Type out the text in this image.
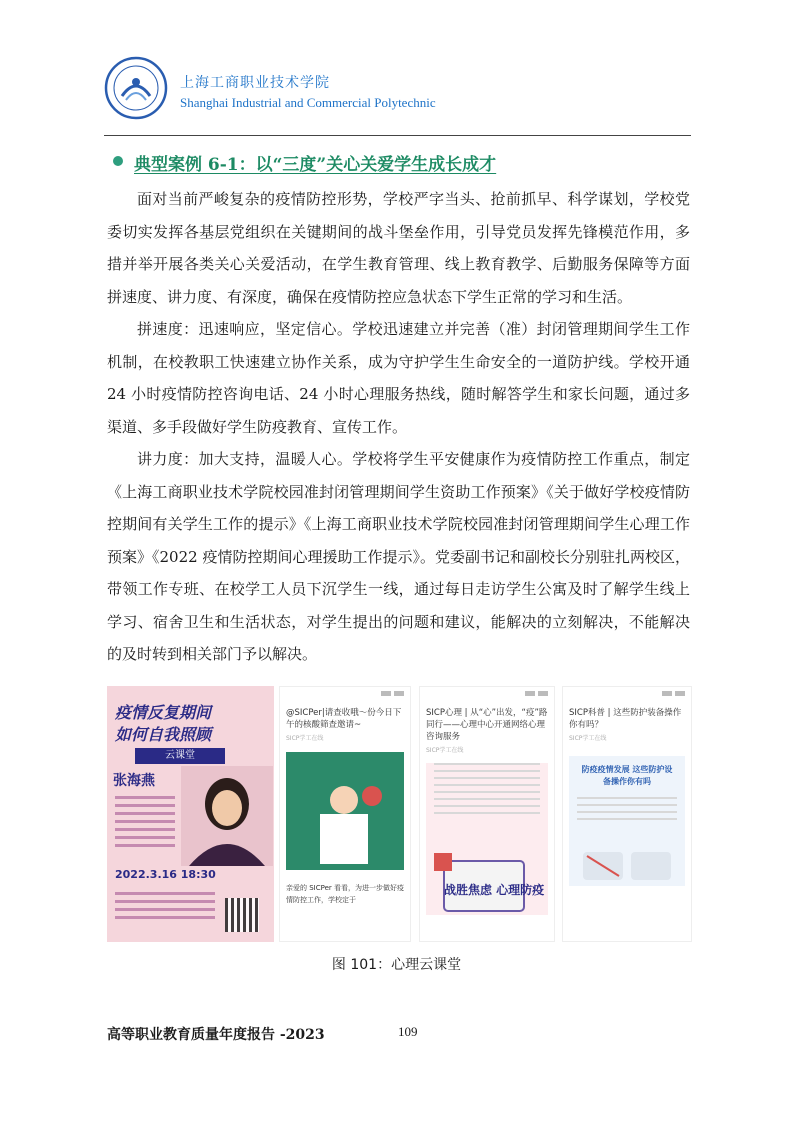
上海工商职业技术学院
Shanghai Industrial and Commercial Polytechnic
典型案例 6-1：以“三度”关心关爱学生成长成才

面对当前严峻复杂的疫情防控形势，学校严字当头、抢前抓早、科学谋划，学校党委切实发挥各基层党组织在关键期间的战斗堡垒作用，引导党员发挥先锋模范作用，多措并举开展各类关心关爱活动，在学生教育管理、线上教育教学、后勤服务保障等方面拼速度、讲力度、有深度，确保在疫情防控应急状态下学生正常的学习和生活。

拼速度：迅速响应，坚定信心。学校迅速建立并完善（准）封闭管理期间学生工作机制，在校教职工快速建立协作关系，成为守护学生生命安全的一道防护线。学校开通 24 小时疫情防控咨询电话、24 小时心理服务热线，随时解答学生和家长问题，通过多渠道、多手段做好学生防疫教育、宣传工作。

讲力度：加大支持，温暖人心。学校将学生平安健康作为疫情防控工作重点，制定《上海工商职业技术学院校园准封闭管理期间学生资助工作预案》《关于做好学校疫情防控期间有关学生工作的提示》《上海工商职业技术学院校园准封闭管理期间学生心理工作预案》《2022 疫情防控期间心理援助工作提示》。党委副书记和副校长分别驻扎两校区，带领工作专班、在校学工人员下沉学生一线，通过每日走访学生公寓及时了解学生线上学习、宿舍卫生和生活状态，对学生提出的问题和建议，能解决的立刻解决，不能解决的及时转到相关部门予以解决。

疫情反复期间
如何自我照顾
云课堂
张海燕
2022.3.16 18:30
@SICPer|请查收哦～份今日下午的核酸筛查邀请~
SICP学工在线
亲爱的 SICPer 看看，为进一步做好疫情防控工作，学校定于
SICP心理 | 从“心”出发，“疫”路同行——心理中心开通网络心理咨询服务
SICP学工在线
战胜焦虑 心理防疫
SICP科普 | 这些防护装备操作你有吗？
SICP学工在线
防疫疫情发展 这些防护设备操作你有吗
图 101：心理云课堂
高等职业教育质量年度报告 -2023	109
